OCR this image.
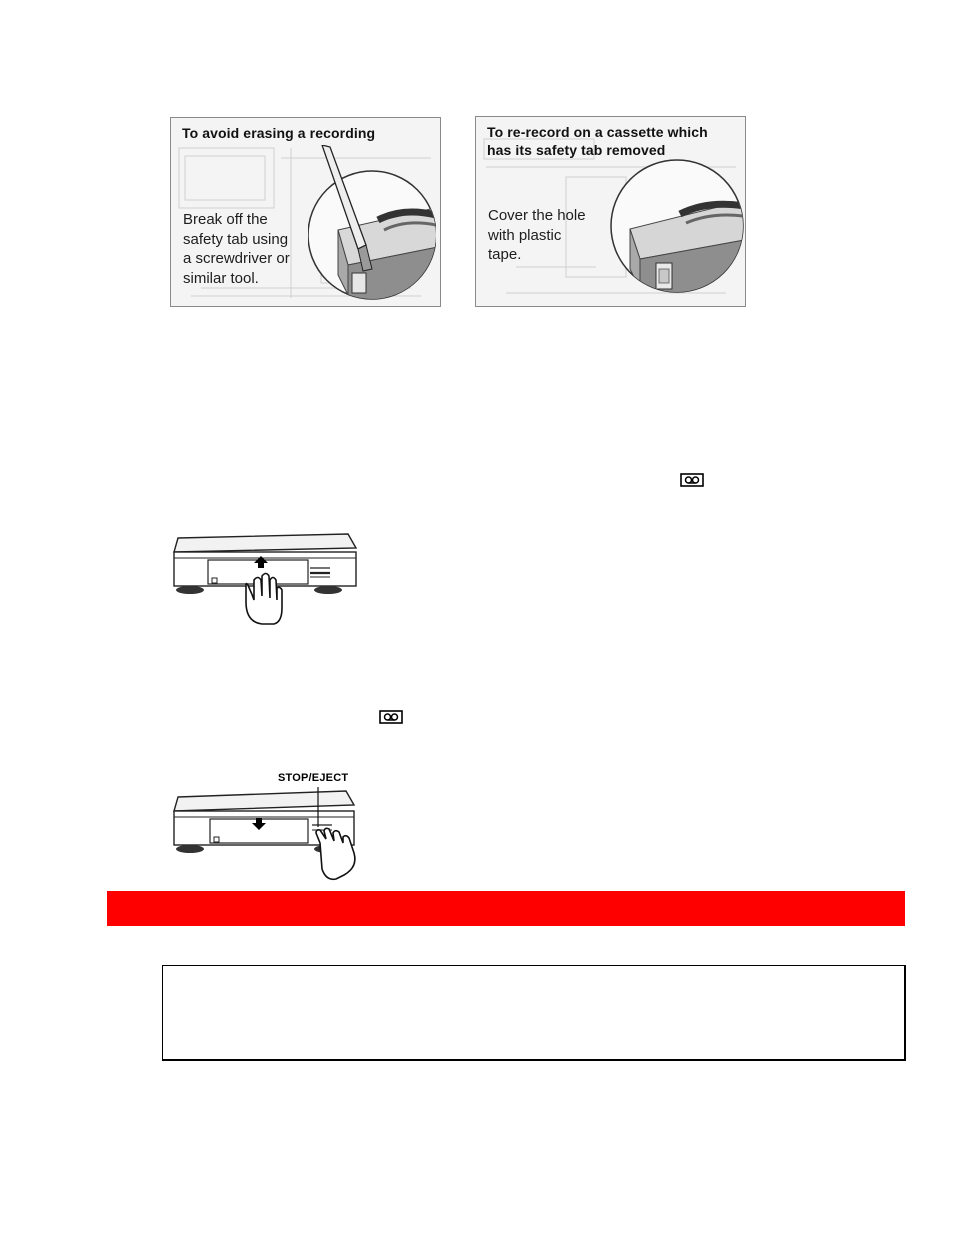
To avoid erasing a recording
Break off the
safety tab using
a screwdriver or
similar tool.
To re-record on a cassette which
has its safety tab removed
Cover the hole
with plastic
tape.
STOP/EJECT
